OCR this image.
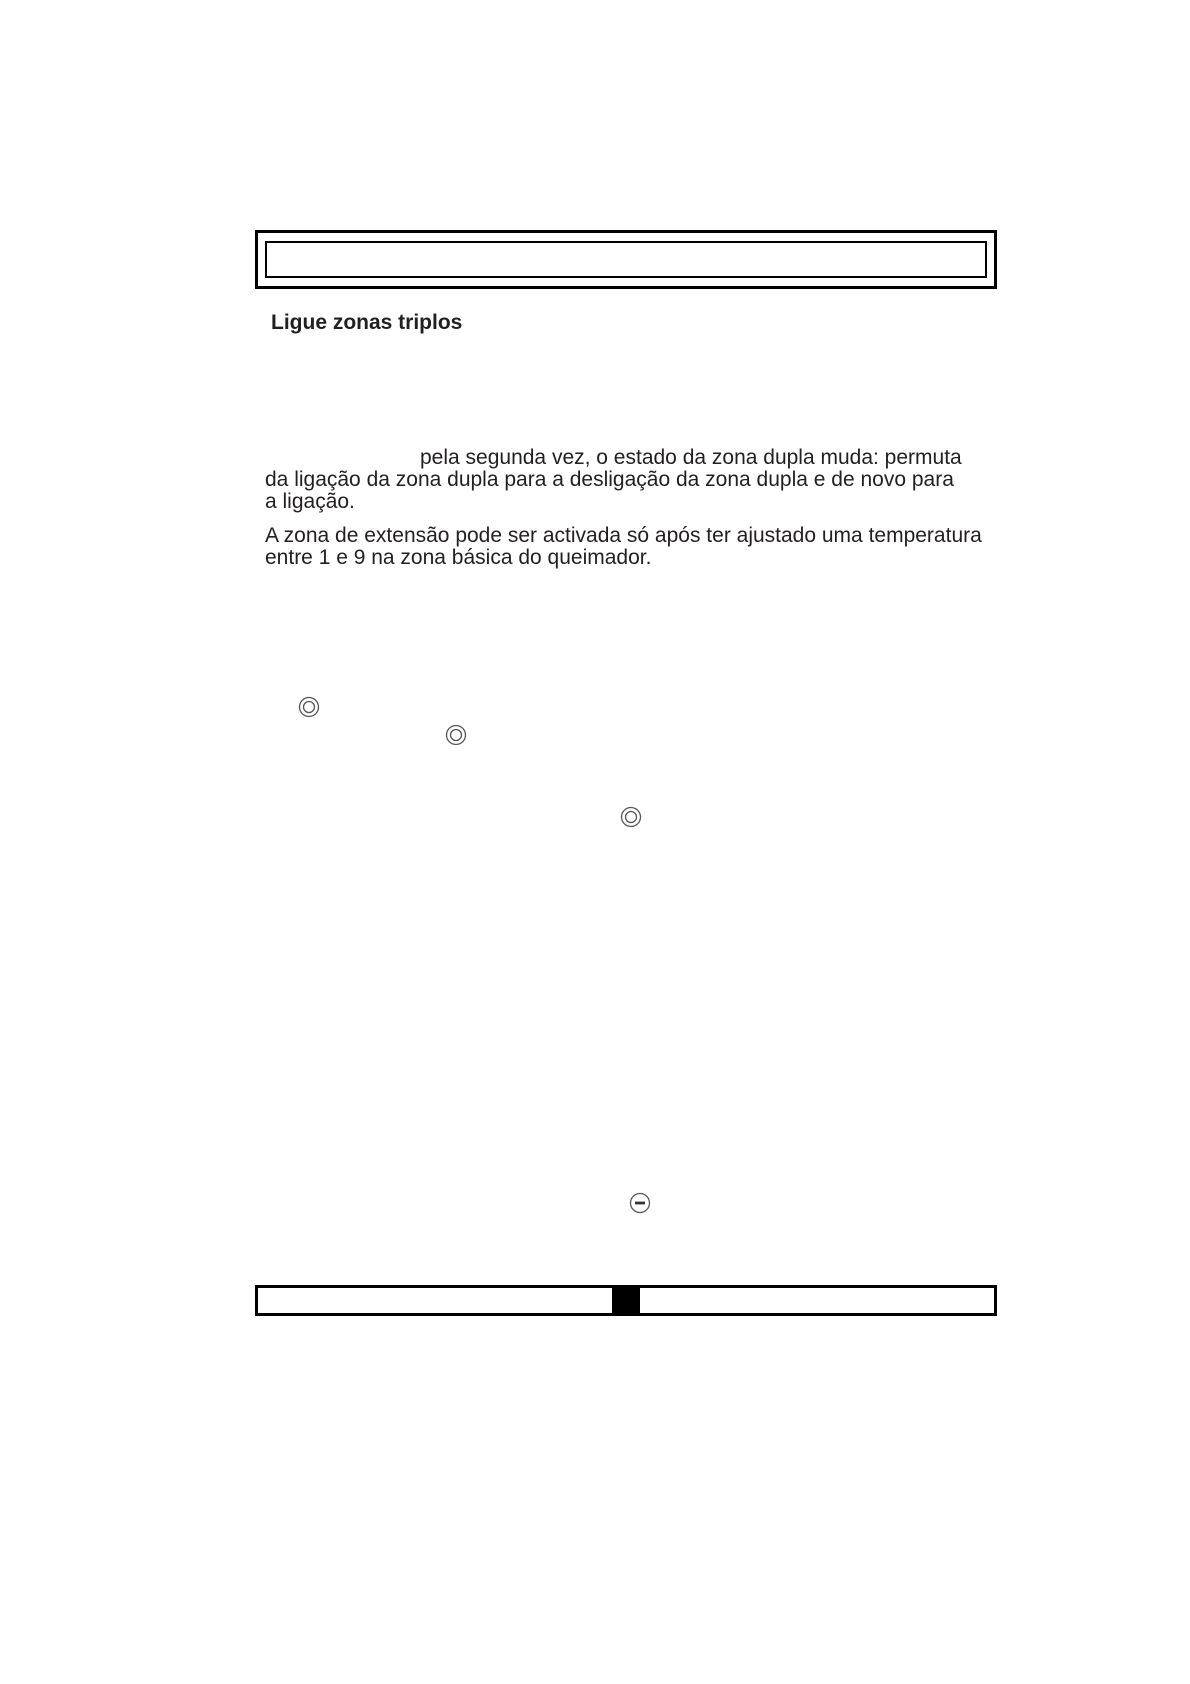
Ligue zonas triplos

pela segunda vez, o estado da zona dupla muda: permuta
da ligação da zona dupla para a desligação da zona dupla e de novo para
a ligação.

A zona de extensão pode ser activada só após ter ajustado uma temperatura
entre 1 e 9 na zona básica do queimador.
